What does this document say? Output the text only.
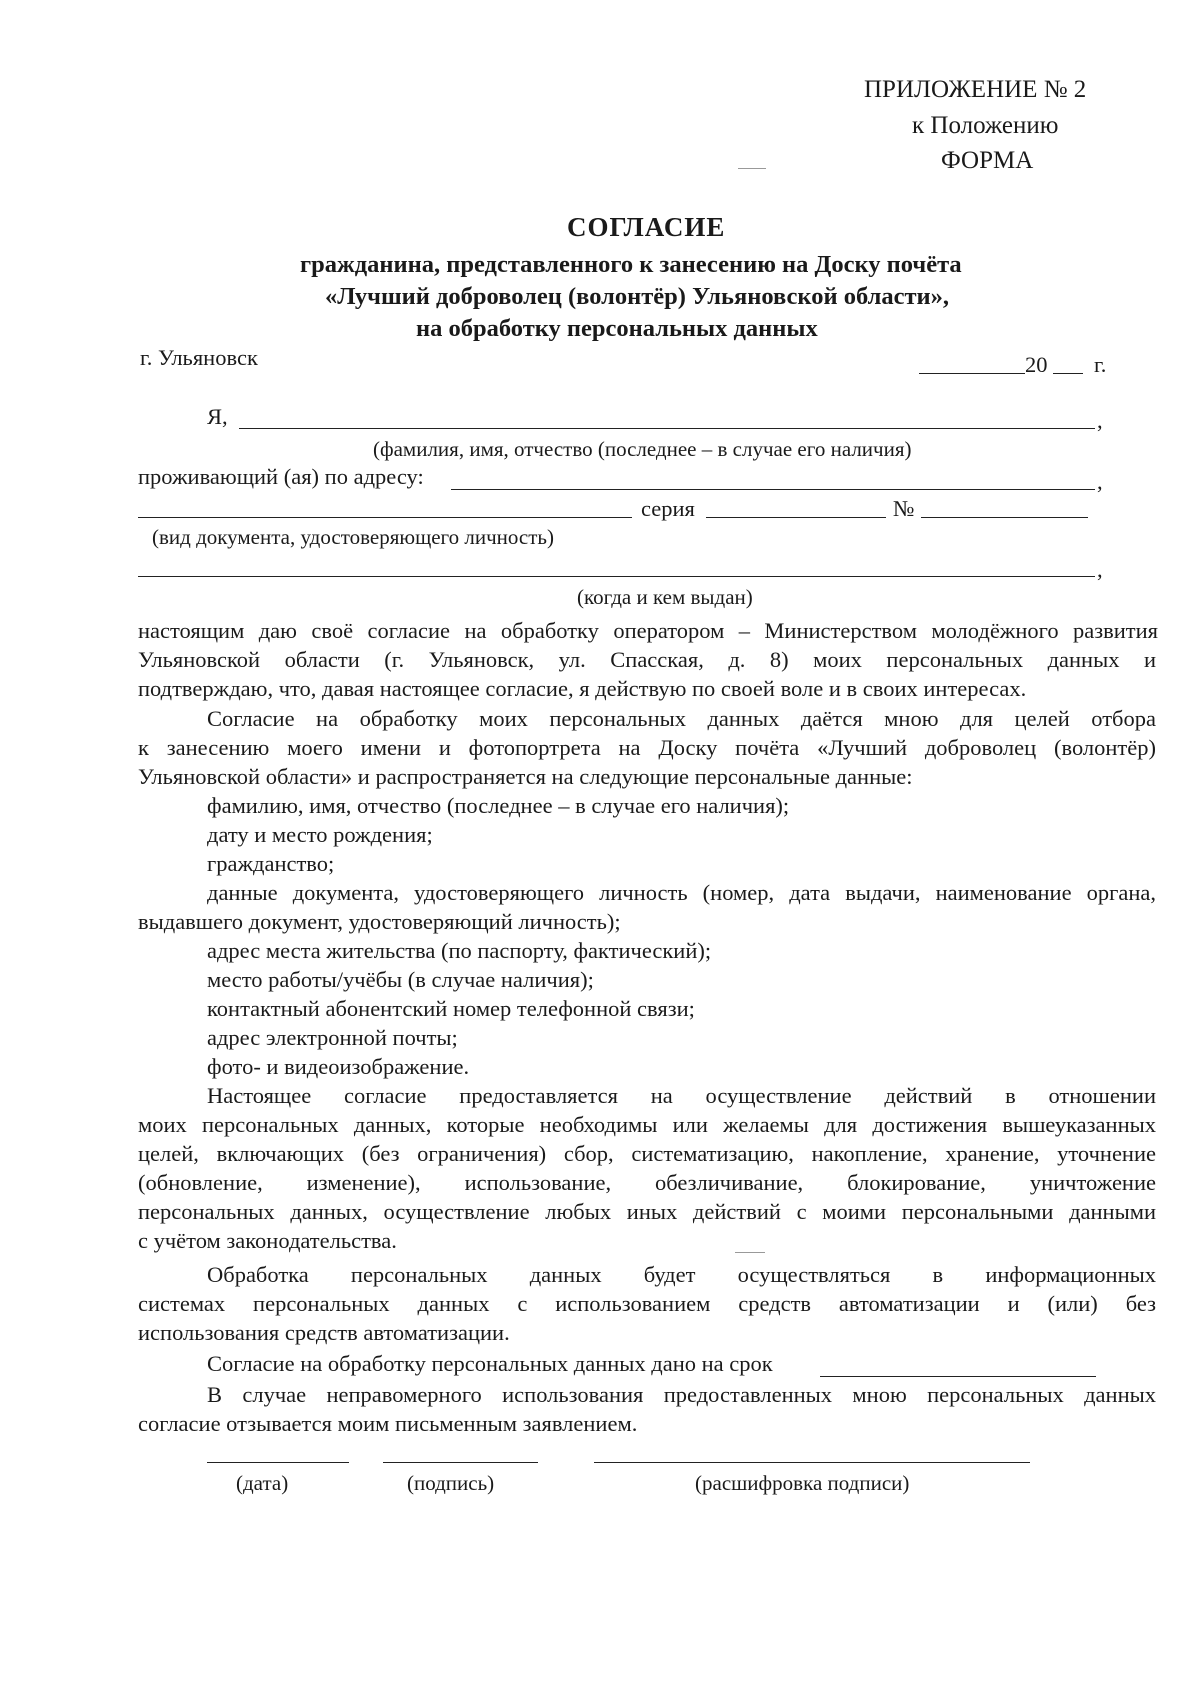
ПРИЛОЖЕНИЕ № 2
к Положению
ФОРМА
СОГЛАСИЕ
гражданина, представленного к занесению на Доску почёта
«Лучший доброволец (волонтёр) Ульяновской области»,
на обработку персональных данных
г. Ульяновск	20 г.
Я,	,
(фамилия, имя, отчество (последнее – в случае его наличия)
проживающий (ая) по адресу:	,
серия	№
(вид документа, удостоверяющего личность)
,
(когда и кем выдан)
настоящим даю своё согласие на обработку оператором – Министерством молодёжного развития
Ульяновской области (г. Ульяновск, ул. Спасская, д. 8) моих персональных данных и
подтверждаю, что, давая настоящее согласие, я действую по своей воле и в своих интересах.
Согласие на обработку моих персональных данных даётся мною для целей отбора
к занесению моего имени и фотопортрета на Доску почёта «Лучший доброволец (волонтёр)
Ульяновской области» и распространяется на следующие персональные данные:
фамилию, имя, отчество (последнее – в случае его наличия);
дату и место рождения;
гражданство;
данные документа, удостоверяющего личность (номер, дата выдачи, наименование органа,
выдавшего документ, удостоверяющий личность);
адрес места жительства (по паспорту, фактический);
место работы/учёбы (в случае наличия);
контактный абонентский номер телефонной связи;
адрес электронной почты;
фото- и видеоизображение.
Настоящее согласие предоставляется на осуществление действий в отношении
моих персональных данных, которые необходимы или желаемы для достижения вышеуказанных
целей, включающих (без ограничения) сбор, систематизацию, накопление, хранение, уточнение
(обновление, изменение), использование, обезличивание, блокирование, уничтожение
персональных данных, осуществление любых иных действий с моими персональными данными
с учётом законодательства.
Обработка персональных данных будет осуществляться в информационных
системах персональных данных с использованием средств автоматизации и (или) без
использования средств автоматизации.
Согласие на обработку персональных данных дано на срок
В случае неправомерного использования предоставленных мною персональных данных
согласие отзывается моим письменным заявлением.
(дата)	(подпись)	(расшифровка подписи)
